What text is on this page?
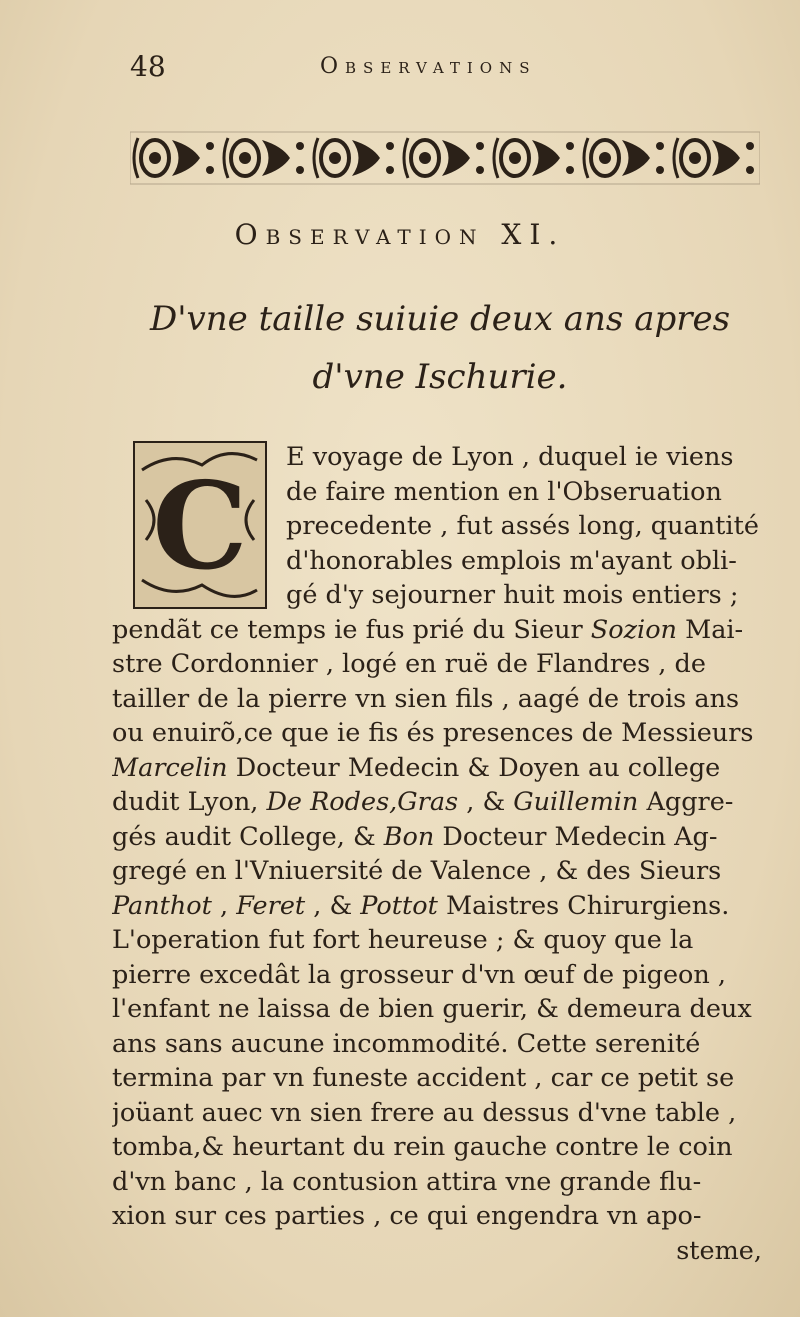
48	Observations
Observation XI.
D'vne taille suiuie deux ans apres
d'vne Ischurie.
C	E voyage de Lyon , duquel ie viens
de faire mention en l'Obseruation
precedente , fut assés long, quantité
d'honorables emplois m'ayant obli-
gé d'y sejourner huit mois entiers ;
pendãt ce temps ie fus prié du Sieur Sozion Mai-
stre Cordonnier , logé en ruë de Flandres , de
tailler de la pierre vn sien fils , aagé de trois ans
ou enuirõ,ce que ie fis és presences de Messieurs
Marcelin Docteur Medecin & Doyen au college
dudit Lyon, De Rodes,Gras , & Guillemin Aggre-
gés audit College, & Bon Docteur Medecin Ag-
gregé en l'Vniuersité de Valence , & des Sieurs
Panthot , Feret , & Pottot Maistres Chirurgiens.
L'operation fut fort heureuse ; & quoy que la
pierre excedât la grosseur d'vn œuf de pigeon ,
l'enfant ne laissa de bien guerir, & demeura deux
ans sans aucune incommodité. Cette serenité
termina par vn funeste accident , car ce petit se
joüant auec vn sien frere au dessus d'vne table ,
tomba,& heurtant du rein gauche contre le coin
d'vn banc , la contusion attira vne grande flu-
xion sur ces parties , ce qui engendra vn apo-
steme,
